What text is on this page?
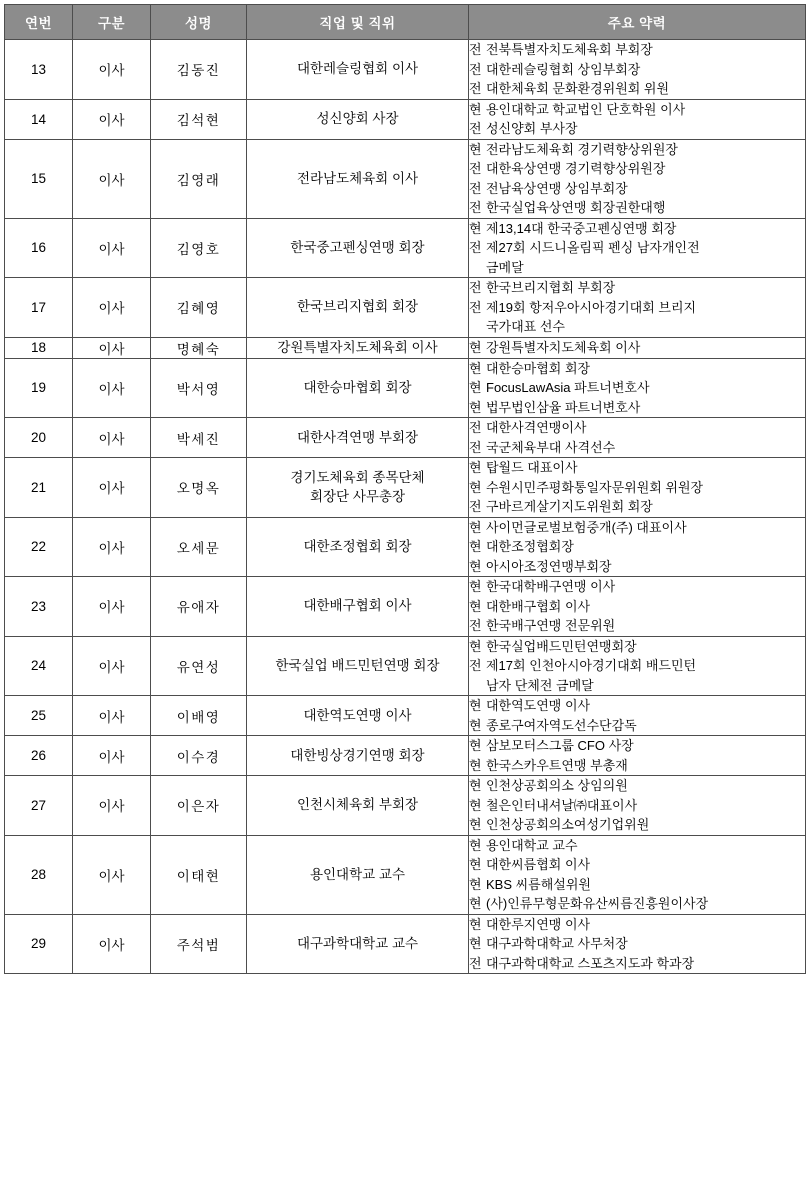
연번	구분	성명	직업 및 직위	주요 약력
13	이사	김동진	대한레슬링협회 이사	전 전북특별자치도체육회 부회장
전 대한레슬링협회 상임부회장
전 대한체육회 문화환경위원회 위원

14	이사	김석현	성신양회 사장	현 용인대학교 학교법인 단호학원 이사
전 성신양회 부사장

15	이사	김영래	전라남도체육회 이사	현 전라남도체육회 경기력향상위원장
전 대한육상연맹 경기력향상위원장
전 전남육상연맹 상임부회장
전 한국실업육상연맹 회장권한대행

16	이사	김영호	한국중고펜싱연맹 회장	현 제13,14대 한국중고펜싱연맹 회장
전 제27회 시드니올림픽 펜싱 남자개인전
금메달

17	이사	김혜영	한국브리지협회 회장	전 한국브리지협회 부회장
전 제19회 항저우아시아경기대회 브리지
국가대표 선수

18	이사	명혜숙	강원특별자치도체육회 이사	현 강원특별자치도체육회 이사

19	이사	박서영	대한승마협회 회장	현 대한승마협회 회장
현 FocusLawAsia 파트너변호사
현 법무법인삼율 파트너변호사

20	이사	박세진	대한사격연맹 부회장	전 대한사격연맹이사
전 국군체육부대 사격선수

21	이사	오명옥	경기도체육회 종목단체
회장단 사무총장	현 탑월드 대표이사
현 수원시민주평화통일자문위원회 위원장
전 구바르게살기지도위원회 회장

22	이사	오세문	대한조정협회 회장	현 사이먼글로벌보험중개(주) 대표이사
현 대한조정협회장
현 아시아조정연맹부회장

23	이사	유애자	대한배구협회 이사	현 한국대학배구연맹 이사
현 대한배구협회 이사
전 한국배구연맹 전문위원

24	이사	유연성	한국실업 배드민턴연맹 회장	현 한국실업배드민턴연맹회장
전 제17회 인천아시아경기대회 배드민턴
남자 단체전 금메달

25	이사	이배영	대한역도연맹 이사	현 대한역도연맹 이사
현 종로구여자역도선수단감독

26	이사	이수경	대한빙상경기연맹 회장	현 삼보모터스그룹 CFO 사장
현 한국스카우트연맹 부총재

27	이사	이은자	인천시체육회 부회장	현 인천상공회의소 상임의원
현 철은인터내셔날㈜대표이사
현 인천상공회의소여성기업위원

28	이사	이태현	용인대학교 교수	현 용인대학교 교수
현 대한씨름협회 이사
현 KBS 씨름해설위원
현 (사)인류무형문화유산씨름진흥원이사장

29	이사	주석범	대구과학대학교 교수	현 대한루지연맹 이사
현 대구과학대학교 사무처장
전 대구과학대학교 스포츠지도과 학과장
